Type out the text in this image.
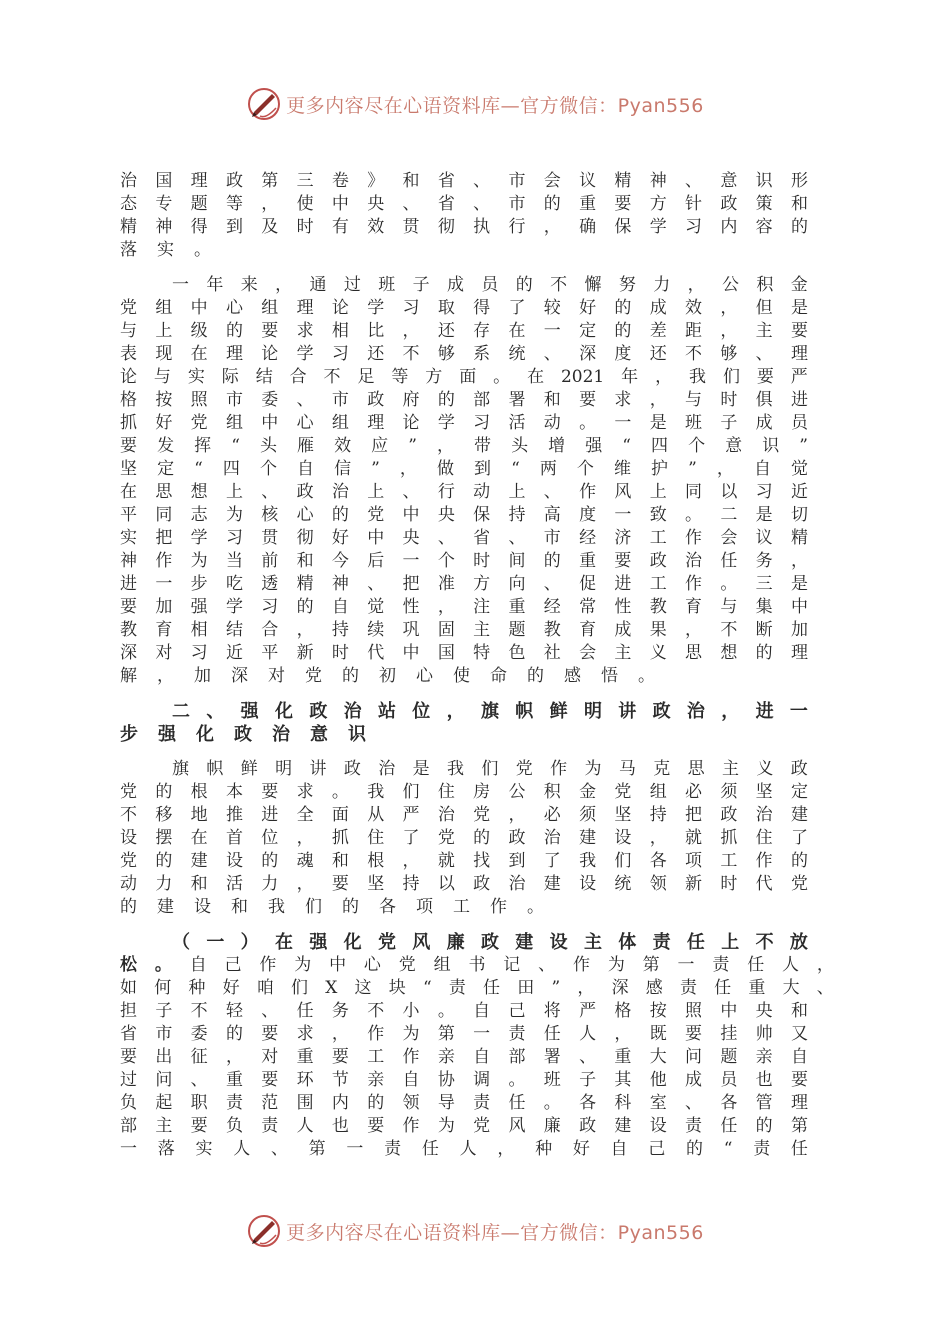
更多内容尽在心语资料库—官方微信：Pyan556
治 国 理 政 第 三 卷 》 和 省 、 市 会 议 精 神 、 意 识 形
态 专 题 等 ， 使 中 央 、 省 、 市 的 重 要 方 针 政 策 和
精 神 得 到 及 时 有 效 贯 彻 执 行 ， 确 保 学 习 内 容 的
落 实 。
一 年 来 ， 通 过 班 子 成 员 的 不 懈 努 力 ， 公 积 金
党 组 中 心 组 理 论 学 习 取 得 了 较 好 的 成 效 ， 但 是
与 上 级 的 要 求 相 比 ， 还 存 在 一 定 的 差 距 ， 主 要
表 现 在 理 论 学 习 还 不 够 系 统 、 深 度 还 不 够 、 理
论 与 实 际 结 合 不 足 等 方 面 。 在 2021 年 ， 我 们 要 严
格 按 照 市 委 、 市 政 府 的 部 署 和 要 求 ， 与 时 俱 进
抓 好 党 组 中 心 组 理 论 学 习 活 动 。 一 是 班 子 成 员
要 发 挥 “ 头 雁 效 应 ” ， 带 头 增 强 “ 四 个 意 识 ”
坚 定 “ 四 个 自 信 ” ， 做 到 “ 两 个 维 护 ” ， 自 觉
在 思 想 上 、 政 治 上 、 行 动 上 、 作 风 上 同 以 习 近
平 同 志 为 核 心 的 党 中 央 保 持 高 度 一 致 。 二 是 切
实 把 学 习 贯 彻 好 中 央 、 省 、 市 经 济 工 作 会 议 精
神 作 为 当 前 和 今 后 一 个 时 间 的 重 要 政 治 任 务 ，
进 一 步 吃 透 精 神 、 把 准 方 向 、 促 进 工 作 。 三 是
要 加 强 学 习 的 自 觉 性 ， 注 重 经 常 性 教 育 与 集 中
教 育 相 结 合 ， 持 续 巩 固 主 题 教 育 成 果 ， 不 断 加
深 对 习 近 平 新 时 代 中 国 特 色 社 会 主 义 思 想 的 理
解 ， 加 深 对 党 的 初 心 使 命 的 感 悟 。
二 、 强 化 政 治 站 位 ， 旗 帜 鲜 明 讲 政 治 ， 进 一
步 强 化 政 治 意 识
旗 帜 鲜 明 讲 政 治 是 我 们 党 作 为 马 克 思 主 义 政
党 的 根 本 要 求 。 我 们 住 房 公 积 金 党 组 必 须 坚 定
不 移 地 推 进 全 面 从 严 治 党 ， 必 须 坚 持 把 政 治 建
设 摆 在 首 位 ， 抓 住 了 党 的 政 治 建 设 ， 就 抓 住 了
党 的 建 设 的 魂 和 根 ， 就 找 到 了 我 们 各 项 工 作 的
动 力 和 活 力 ， 要 坚 持 以 政 治 建 设 统 领 新 时 代 党
的 建 设 和 我 们 的 各 项 工 作 。
（ 一 ） 在 强 化 党 风 廉 政 建 设 主 体 责 任 上 不 放
松 。 自 己 作 为 中 心 党 组 书 记 、 作 为 第 一 责 任 人 ，
如 何 种 好 咱 们 X 这 块 “ 责 任 田 ” ， 深 感 责 任 重 大 、
担 子 不 轻 、 任 务 不 小 。 自 己 将 严 格 按 照 中 央 和
省 市 委 的 要 求 ， 作 为 第 一 责 任 人 ， 既 要 挂 帅 又
要 出 征 ， 对 重 要 工 作 亲 自 部 署 、 重 大 问 题 亲 自
过 问 、 重 要 环 节 亲 自 协 调 。 班 子 其 他 成 员 也 要
负 起 职 责 范 围 内 的 领 导 责 任 。 各 科 室 、 各 管 理
部 主 要 负 责 人 也 要 作 为 党 风 廉 政 建 设 责 任 的 第
一 落 实 人 、 第 一 责 任 人 ， 种 好 自 己 的 “ 责 任
更多内容尽在心语资料库—官方微信：Pyan556
